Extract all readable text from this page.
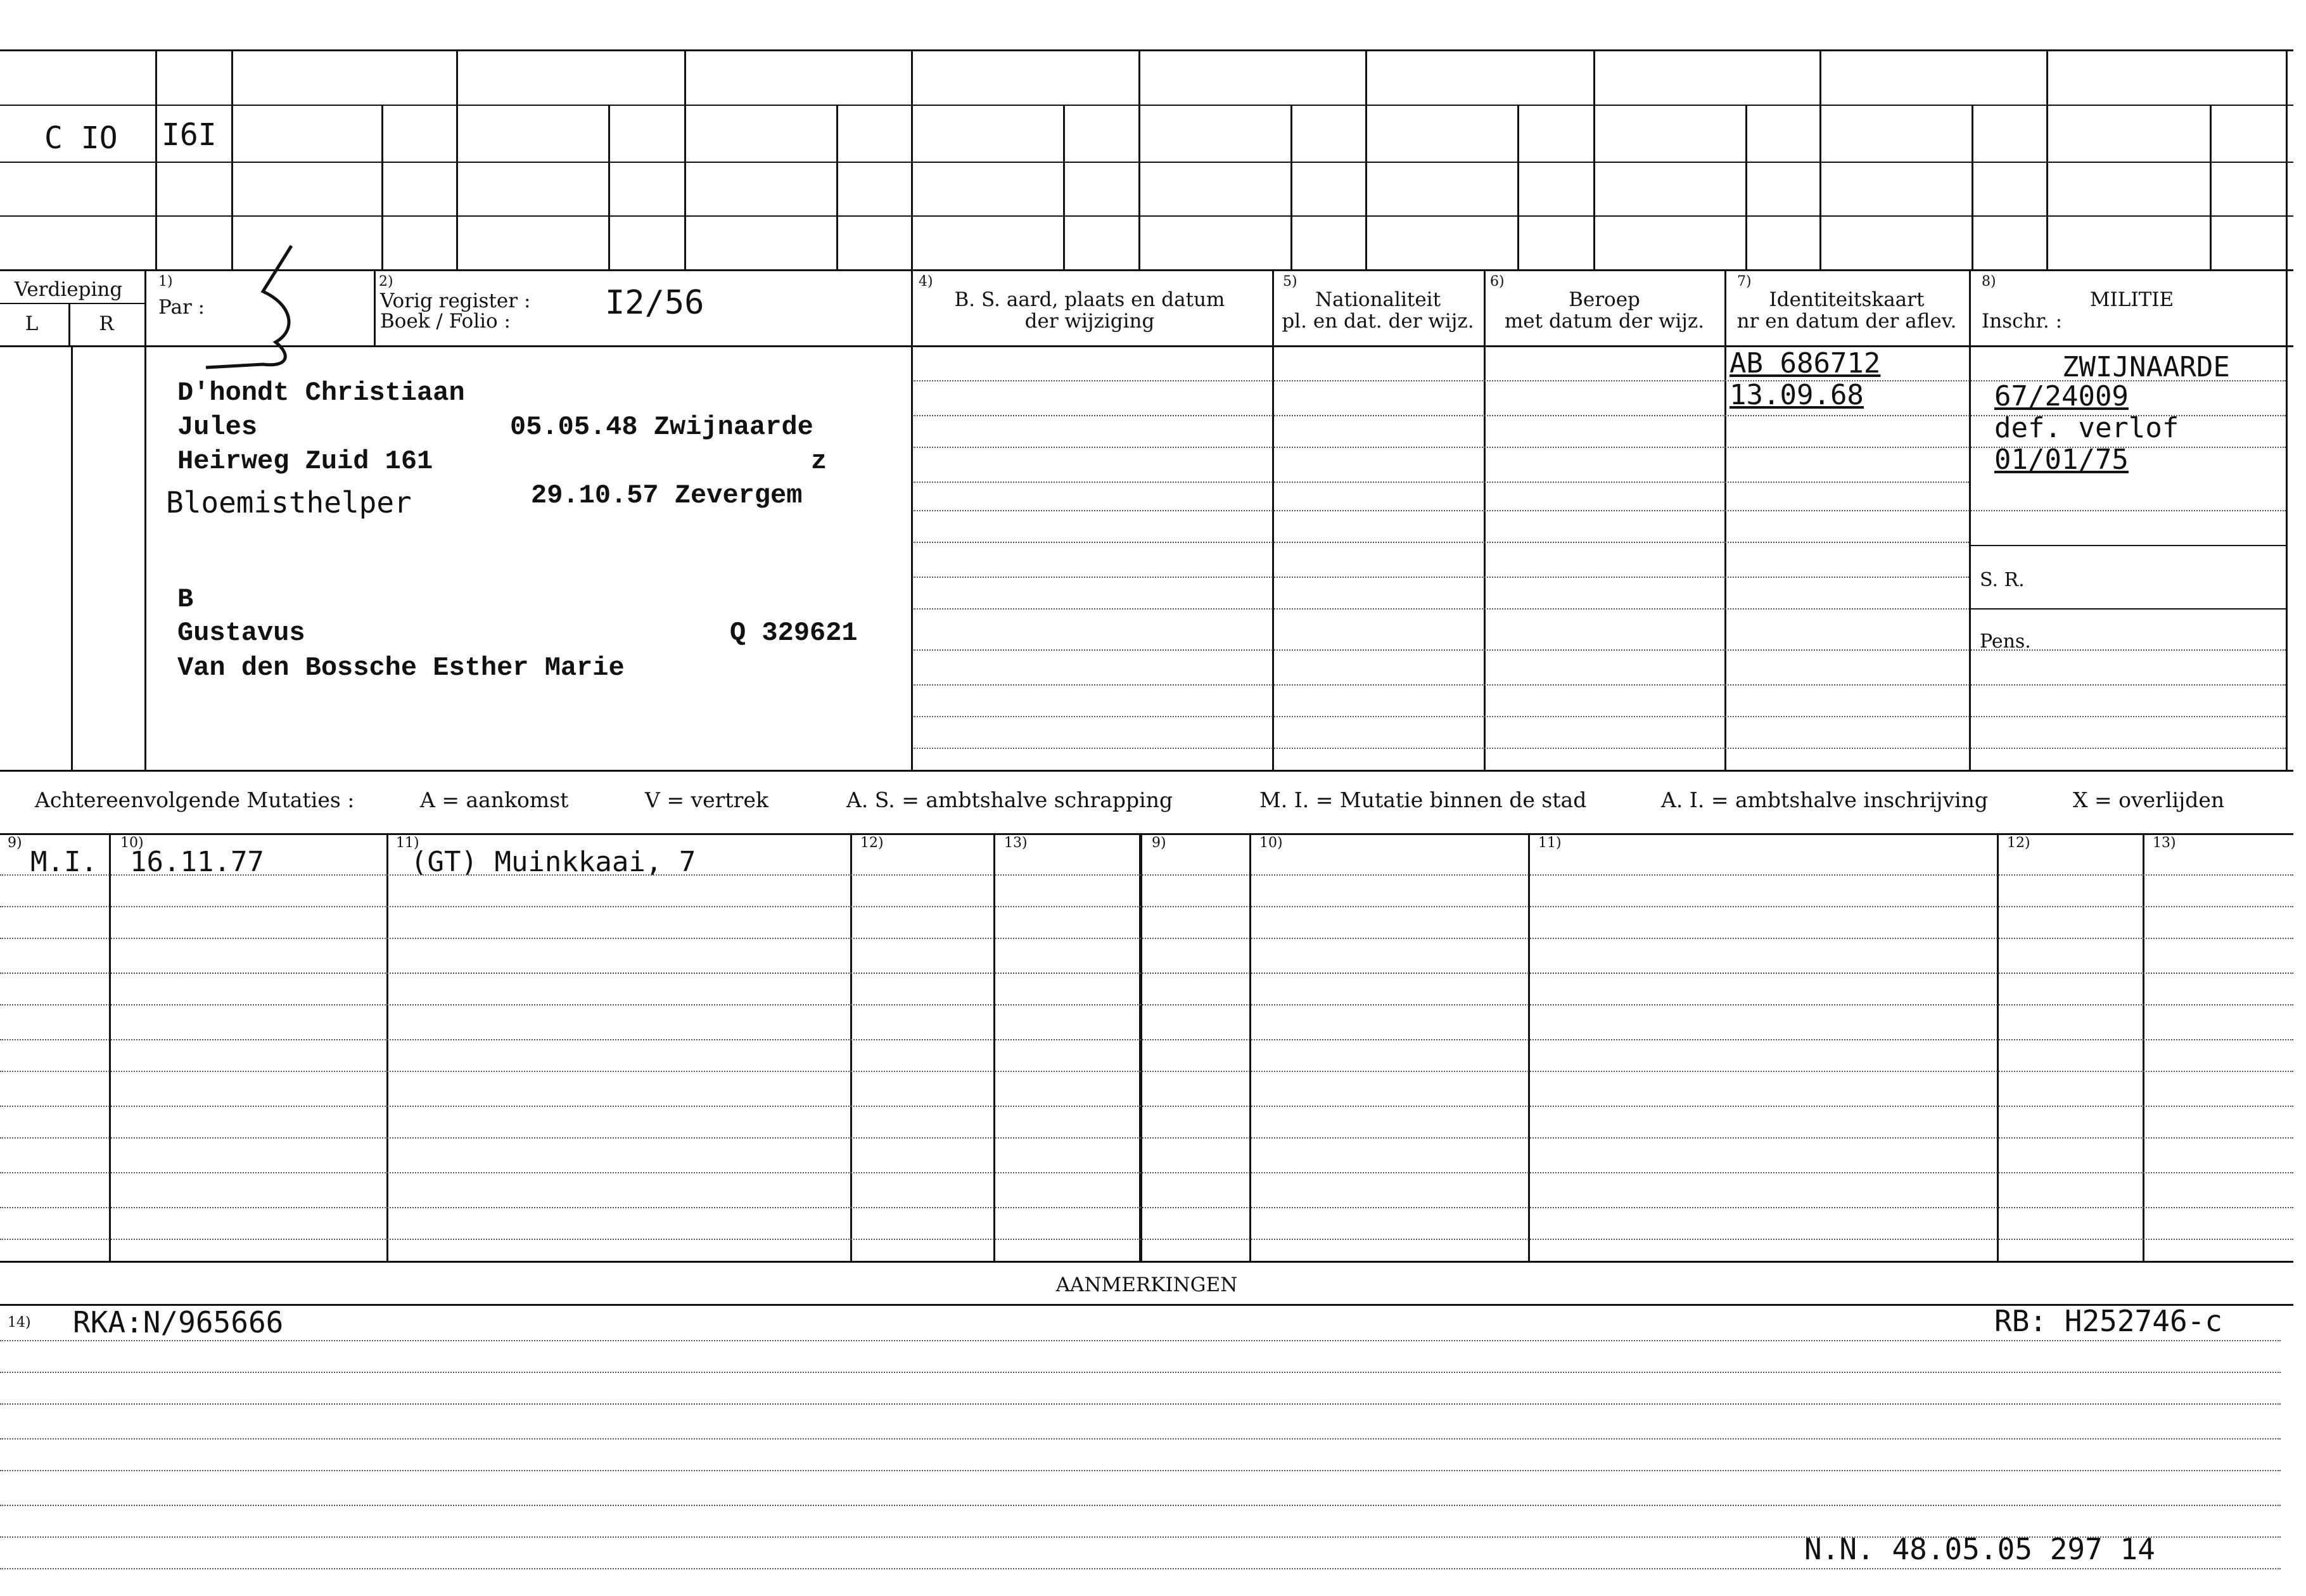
C IO I6I
Verdieping
L	R
1)
Par :
2)
Vorig register :
Boek / Folio :	I2/56
4)
B. S. aard, plaats en datum
der wijziging
5)
Nationaliteit
pl. en dat. der wijz.
6)
Beroep
met datum der wijz.
7)
Identiteitskaart
nr en datum der aflev.
8)
MILITIE
Inschr. :
D'hondt Christiaan
Jules	05.05.48 Zwijnaarde
Heirweg Zuid 161	z
Bloemisthelper	29.10.57 Zevergem
B
Gustavus	Q 329621
Van den Bossche Esther Marie
AB 686712
13.09.68
ZWIJNAARDE
67/24009
def. verlof
01/01/75
S. R.
Pens.
Achtereenvolgende Mutaties :	A = aankomst	V = vertrek	A. S. = ambtshalve schrapping	M. I. = Mutatie binnen de stad	A. I. = ambtshalve inschrijving	X = overlijden
9)	10)	11)	12)	13)	9)	10)	11)	12)	13)
M.I. 16.11.77	(GT) Muinkkaai, 7
AANMERKINGEN
14) RKA:N/965666	RB: H252746-c
N.N. 48.05.05 297 14
